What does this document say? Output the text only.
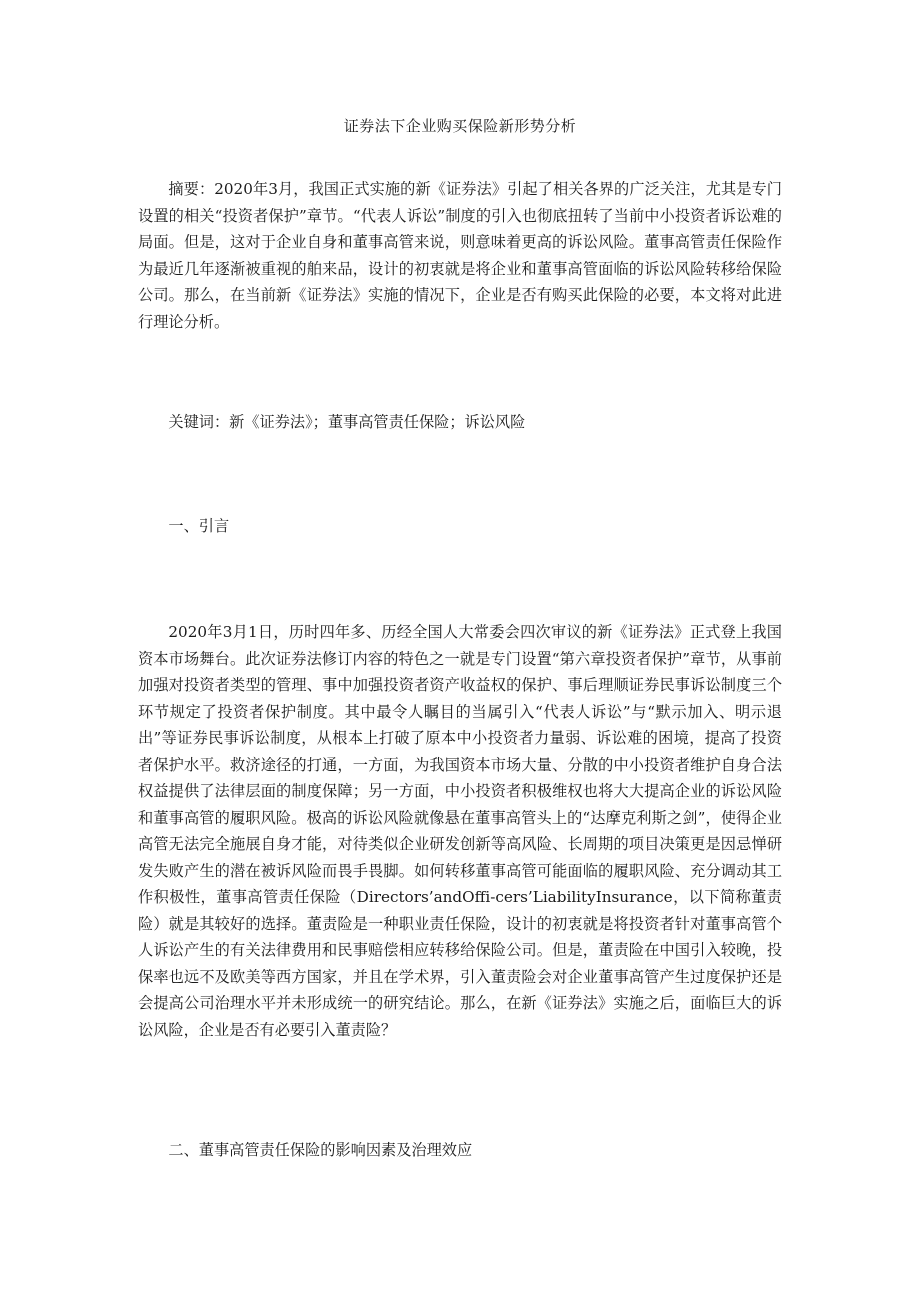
证券法下企业购买保险新形势分析

摘要：2020年3月，我国正式实施的新《证券法》引起了相关各界的广泛关注，尤其是专门设置的相关“投资者保护”章节。“代表人诉讼”制度的引入也彻底扭转了当前中小投资者诉讼难的局面。但是，这对于企业自身和董事高管来说，则意味着更高的诉讼风险。董事高管责任保险作为最近几年逐渐被重视的舶来品，设计的初衷就是将企业和董事高管面临的诉讼风险转移给保险公司。那么，在当前新《证券法》实施的情况下，企业是否有购买此保险的必要，本文将对此进行理论分析。

关键词：新《证券法》；董事高管责任保险；诉讼风险

一、引言

2020年3月1日，历时四年多、历经全国人大常委会四次审议的新《证券法》正式登上我国资本市场舞台。此次证券法修订内容的特色之一就是专门设置“第六章投资者保护”章节，从事前加强对投资者类型的管理、事中加强投资者资产收益权的保护、事后理顺证券民事诉讼制度三个环节规定了投资者保护制度。其中最令人瞩目的当属引入“代表人诉讼”与“默示加入、明示退出”等证券民事诉讼制度，从根本上打破了原本中小投资者力量弱、诉讼难的困境，提高了投资者保护水平。救济途径的打通，一方面，为我国资本市场大量、分散的中小投资者维护自身合法权益提供了法律层面的制度保障；另一方面，中小投资者积极维权也将大大提高企业的诉讼风险和董事高管的履职风险。极高的诉讼风险就像悬在董事高管头上的“达摩克利斯之剑”，使得企业高管无法完全施展自身才能，对待类似企业研发创新等高风险、长周期的项目决策更是因忌惮研发失败产生的潜在被诉风险而畏手畏脚。如何转移董事高管可能面临的履职风险、充分调动其工作积极性，董事高管责任保险（Directors’andOffi-cers’LiabilityInsurance，以下简称董责险）就是其较好的选择。董责险是一种职业责任保险，设计的初衷就是将投资者针对董事高管个人诉讼产生的有关法律费用和民事赔偿相应转移给保险公司。但是，董责险在中国引入较晚，投保率也远不及欧美等西方国家，并且在学术界，引入董责险会对企业董事高管产生过度保护还是会提高公司治理水平并未形成统一的研究结论。那么，在新《证券法》实施之后，面临巨大的诉讼风险，企业是否有必要引入董责险？

二、董事高管责任保险的影响因素及治理效应
